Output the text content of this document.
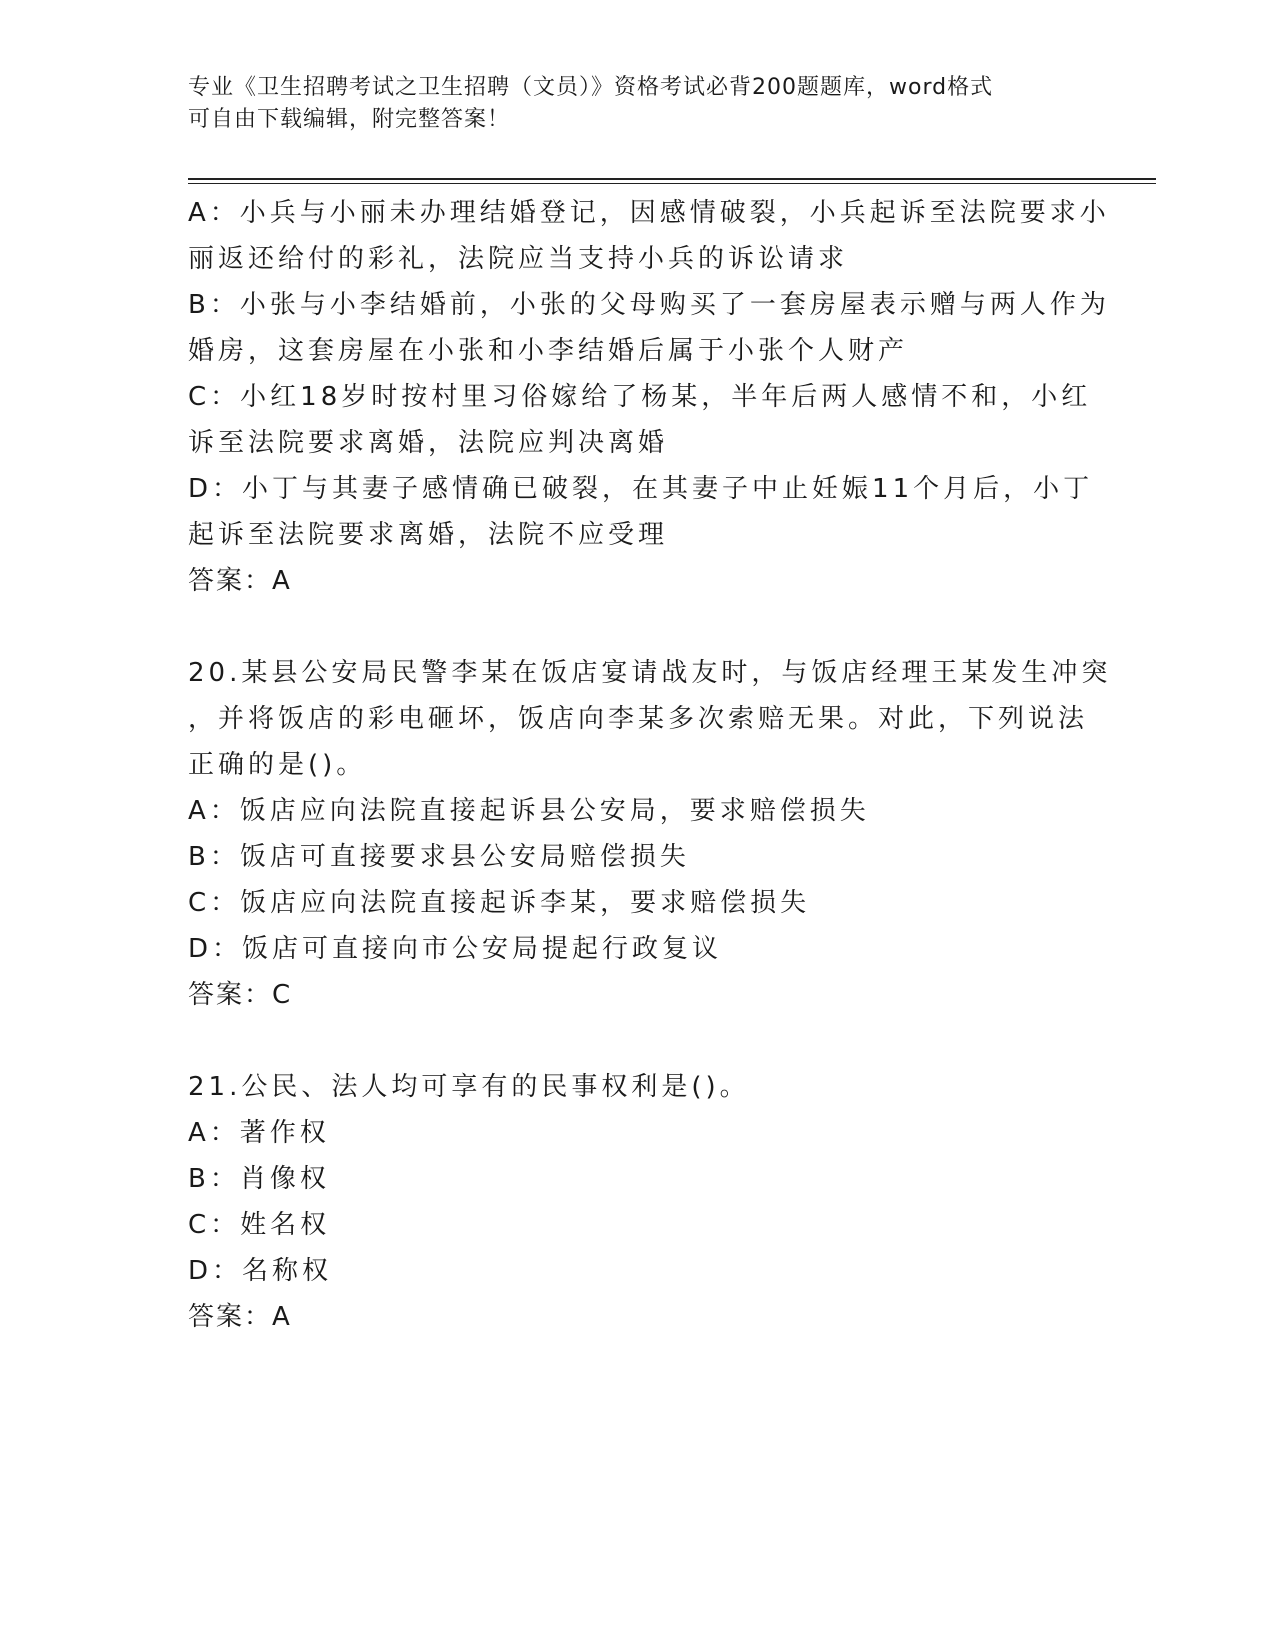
专业《卫生招聘考试之卫生招聘（文员）》资格考试必背200题题库，word格式
可自由下载编辑，附完整答案！
A：小兵与小丽未办理结婚登记，因感情破裂，小兵起诉至法院要求小
丽返还给付的彩礼，法院应当支持小兵的诉讼请求
B：小张与小李结婚前，小张的父母购买了一套房屋表示赠与两人作为
婚房，这套房屋在小张和小李结婚后属于小张个人财产
C：小红18岁时按村里习俗嫁给了杨某，半年后两人感情不和，小红
诉至法院要求离婚，法院应判决离婚
D：小丁与其妻子感情确已破裂，在其妻子中止妊娠11个月后，小丁
起诉至法院要求离婚，法院不应受理
答案：A
20.某县公安局民警李某在饭店宴请战友时，与饭店经理王某发生冲突
，并将饭店的彩电砸坏，饭店向李某多次索赔无果。对此，下列说法
正确的是()。
A：饭店应向法院直接起诉县公安局，要求赔偿损失
B：饭店可直接要求县公安局赔偿损失
C：饭店应向法院直接起诉李某，要求赔偿损失
D：饭店可直接向市公安局提起行政复议
答案：C
21.公民、法人均可享有的民事权利是()。
A：著作权
B：肖像权
C：姓名权
D：名称权
答案：A
